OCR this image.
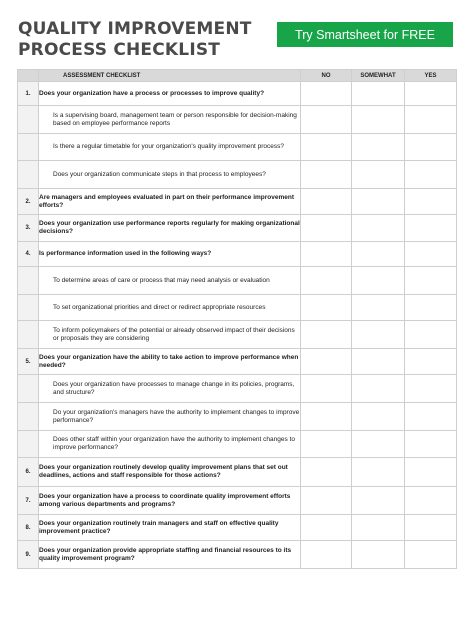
QUALITY IMPROVEMENT
PROCESS CHECKLIST
Try Smartsheet for FREE
	ASSESSMENT CHECKLIST	NO	SOMEWHAT	YES
1.	Does your organization have a process or processes to improve quality?			
	Is a supervising board, management team or person responsible for decision-making based on employee performance reports			
	Is there a regular timetable for your organization's quality improvement process?			
	Does your organization communicate steps in that process to employees?			
2.	Are managers and employees evaluated in part on their performance improvement efforts?			
3.	Does your organization use performance reports regularly for making organizational decisions?			
4.	Is performance information used in the following ways?			
	To determine areas of care or process that may need analysis or evaluation			
	To set organizational priorities and direct or redirect appropriate resources			
	To inform policymakers of the potential or already observed impact of their decisions or proposals they are considering			
5.	Does your organization have the ability to take action to improve performance when needed?			
	Does your organization have processes to manage change in its policies, programs, and structure?			
	Do your organization's managers have the authority to implement changes to improve performance?			
	Does other staff within your organization have the authority to implement changes to improve performance?			
6.	Does your organization routinely develop quality improvement plans that set out deadlines, actions and staff responsible for those actions?			
7.	Does your organization have a process to coordinate quality improvement efforts among various departments and programs?			
8.	Does your organization routinely train managers and staff on effective quality improvement practice?			
9.	Does your organization provide appropriate staffing and financial resources to its quality improvement program?			
